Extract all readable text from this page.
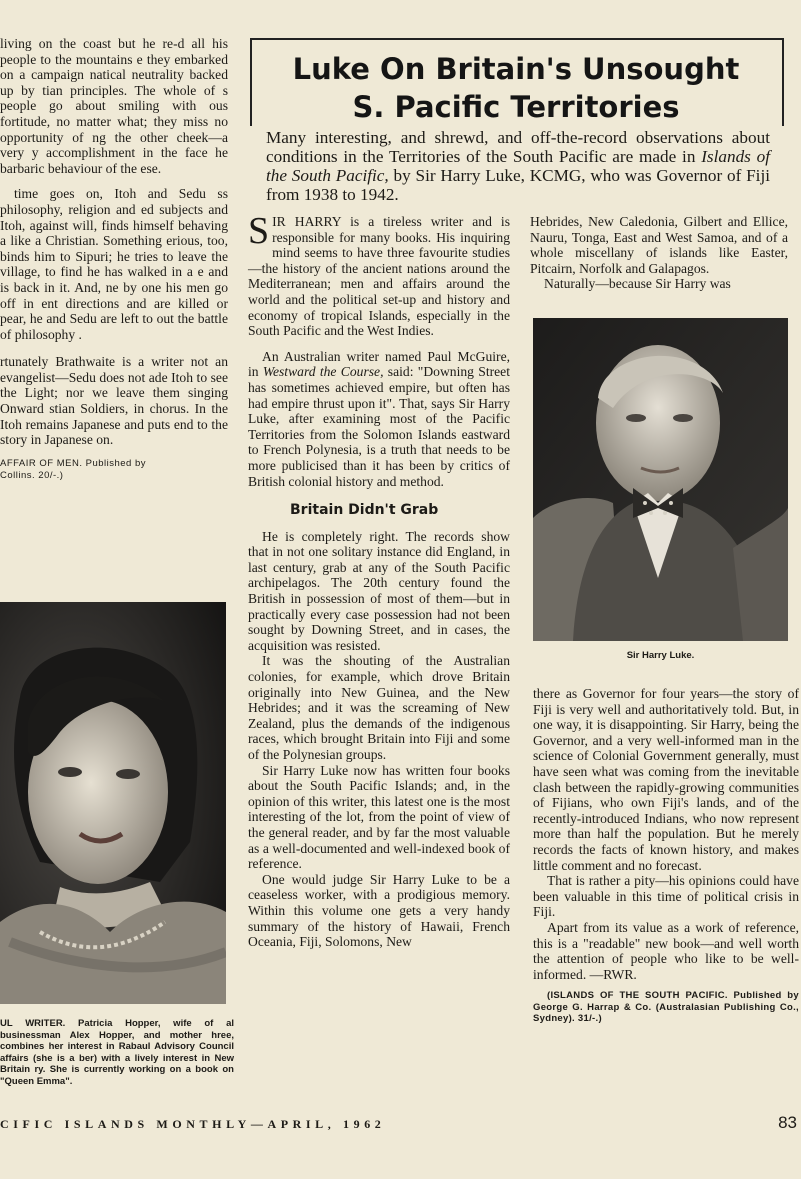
living on the coast but he re-d all his people to the mountains e they embarked on a campaign natical neutrality backed up by tian principles. The whole of s people go about smiling with ous fortitude, no matter what; they miss no opportunity of ng the other cheek—a very y accomplishment in the face he barbaric behaviour of the ese.

time goes on, Itoh and Sedu ss philosophy, religion and ed subjects and Itoh, against will, finds himself behaving a like a Christian. Something erious, too, binds him to Sipuri; he tries to leave the village, to find he has walked in a e and is back in it. And, ne by one his men go off in ent directions and are killed or pear, he and Sedu are left to out the battle of philosophy .

rtunately Brathwaite is a writer not an evangelist—Sedu does not ade Itoh to see the Light; nor we leave them singing Onward stian Soldiers, in chorus. In the Itoh remains Japanese and puts end to the story in Japanese on.

AFFAIR OF MEN. Published by
Collins. 20/-.)
UL WRITER. Patricia Hopper, wife of al businessman Alex Hopper, and mother hree, combines her interest in Rabaul Advisory Council affairs (she is a ber) with a lively interest in New Britain ry. She is currently working on a book on "Queen Emma".
Luke On Britain's Unsought
S. Pacific Territories
Many interesting, and shrewd, and off-the-record observations about conditions in the Territories of the South Pacific are made in Islands of the South Pacific, by Sir Harry Luke, KCMG, who was Governor of Fiji from 1938 to 1942.

SIR HARRY is a tireless writer and is responsible for many books. His inquiring mind seems to have three favourite studies—the history of the ancient nations around the Mediterranean; men and affairs around the world and the political set-up and history and economy of tropical Islands, especially in the South Pacific and the West Indies.

An Australian writer named Paul McGuire, in Westward the Course, said: "Downing Street has sometimes achieved empire, but often has had empire thrust upon it". That, says Sir Harry Luke, after examining most of the Pacific Territories from the Solomon Islands eastward to French Polynesia, is a truth that needs to be more publicised than it has been by critics of British colonial history and method.

Britain Didn't Grab

He is completely right. The records show that in not one solitary instance did England, in last century, grab at any of the South Pacific archipelagos. The 20th century found the British in possession of most of them—but in practically every case possession had not been sought by Downing Street, and in cases, the acquisition was resisted.

It was the shouting of the Australian colonies, for example, which drove Britain originally into New Guinea, and the New Hebrides; and it was the screaming of New Zealand, plus the demands of the indigenous races, which brought Britain into Fiji and some of the Polynesian groups.

Sir Harry Luke now has written four books about the South Pacific Islands; and, in the opinion of this writer, this latest one is the most interesting of the lot, from the point of view of the general reader, and by far the most valuable as a well-documented and well-indexed book of reference.

One would judge Sir Harry Luke to be a ceaseless worker, with a prodigious memory. Within this volume one gets a very handy summary of the history of Hawaii, French Oceania, Fiji, Solomons, New

Hebrides, New Caledonia, Gilbert and Ellice, Nauru, Tonga, East and West Samoa, and of a whole miscellany of islands like Easter, Pitcairn, Norfolk and Galapagos.

Naturally—because Sir Harry was

Sir Harry Luke.

there as Governor for four years—the story of Fiji is very well and authoritatively told. But, in one way, it is disappointing. Sir Harry, being the Governor, and a very well-informed man in the science of Colonial Government generally, must have seen what was coming from the inevitable clash between the rapidly-growing communities of Fijians, who own Fiji's lands, and of the recently-introduced Indians, who now represent more than half the population. But he merely records the facts of known history, and makes little comment and no forecast.

That is rather a pity—his opinions could have been valuable in this time of political crisis in Fiji.

Apart from its value as a work of reference, this is a "readable" new book—and well worth the attention of people who like to be well-informed. —RWR.

(ISLANDS OF THE SOUTH PACIFIC. Published by George G. Harrap & Co. (Australasian Publishing Co., Sydney). 31/-.)
CIFIC ISLANDS MONTHLY—APRIL, 1962	83
